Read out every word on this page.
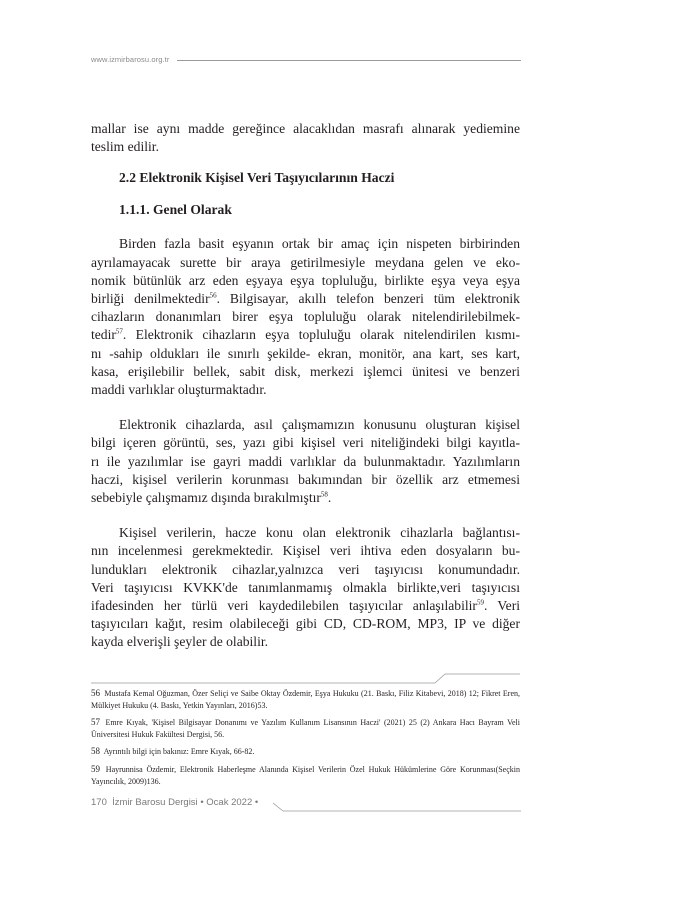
www.izmirbarosu.org.tr

mallar ise aynı madde gereğince alacaklıdan masrafı alınarak yediemine
teslim edilir.

2.2 Elektronik Kişisel Veri Taşıyıcılarının Haczi
1.1.1. Genel Olarak

Birden fazla basit eşyanın ortak bir amaç için nispeten birbirinden
ayrılamayacak surette bir araya getirilmesiyle meydana gelen ve eko-
nomik bütünlük arz eden eşyaya eşya topluluğu, birlikte eşya veya eşya
birliği denilmektedir$^{56}$. Bilgisayar, akıllı telefon benzeri tüm elektronik
cihazların donanımları birer eşya topluluğu olarak nitelendirilebilmek-
tedir$^{57}$. Elektronik cihazların eşya topluluğu olarak nitelendirilen kısmı-
nı -sahip oldukları ile sınırlı şekilde- ekran, monitör, ana kart, ses kart,
kasa, erişilebilir bellek, sabit disk, merkezi işlemci ünitesi ve benzeri
maddi varlıklar oluşturmaktadır.

Elektronik cihazlarda, asıl çalışmamızın konusunu oluşturan kişisel
bilgi içeren görüntü, ses, yazı gibi kişisel veri niteliğindeki bilgi kayıtla-
rı ile yazılımlar ise gayri maddi varlıklar da bulunmaktadır. Yazılımların
haczi, kişisel verilerin korunması bakımından bir özellik arz etmemesi
sebebiyle çalışmamız dışında bırakılmıştır$^{58}$.

Kişisel verilerin, hacze konu olan elektronik cihazlarla bağlantısı-
nın incelenmesi gerekmektedir. Kişisel veri ihtiva eden dosyaların bu-
lundukları elektronik cihazlar,yalnızca veri taşıyıcısı konumundadır.
Veri taşıyıcısı KVKK'de tanımlanmamış olmakla birlikte,veri taşıyıcısı
ifadesinden her türlü veri kaydedilebilen taşıyıcılar anlaşılabilir$^{59}$. Veri
taşıyıcıları kağıt, resim olabileceği gibi CD, CD-ROM, MP3, IP ve diğer
kayda elverişli şeyler de olabilir.

56 Mustafa Kemal Oğuzman, Özer Seliçi ve Saibe Oktay Özdemir, Eşya Hukuku (21. Baskı, Filiz Kitabevi, 2018) 12; Fikret Eren, Mülkiyet Hukuku (4. Baskı, Yetkin Yayınları, 2016)53.

57 Emre Kıyak, 'Kişisel Bilgisayar Donanımı ve Yazılım Kullanım Lisansının Haczi' (2021) 25 (2) Ankara Hacı Bayram Veli Üniversitesi Hukuk Fakültesi Dergisi, 56.

58 Ayrıntılı bilgi için bakınız: Emre Kıyak, 66-82.

59 Hayrunnisa Özdemir, Elektronik Haberleşme Alanında Kişisel Verilerin Özel Hukuk Hükümlerine Göre Korunması(Seçkin Yayıncılık, 2009)136.

170 İzmir Barosu Dergisi • Ocak 2022 •
